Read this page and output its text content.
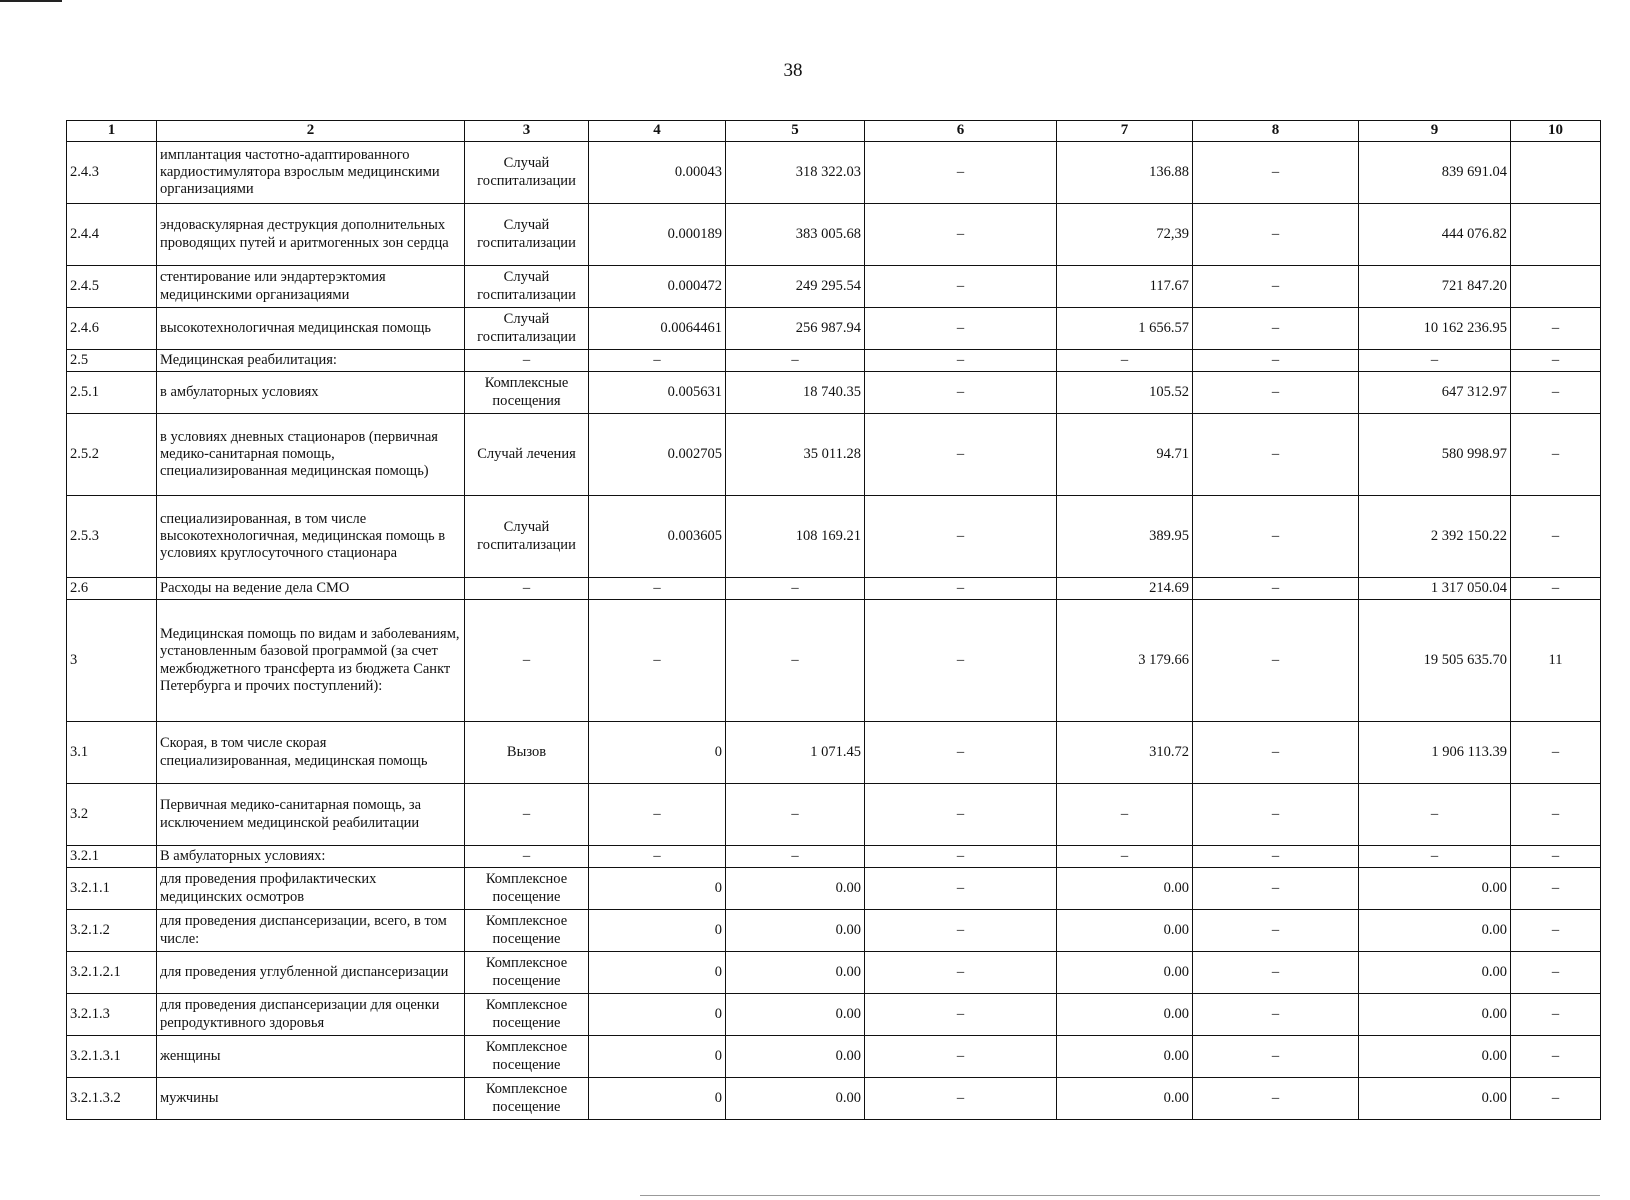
38
1	2	3	4	5	6	7	8	9	10
2.4.3	имплантация частотно-адаптированного кардиостимулятора взрослым медицинскими организациями	Случай госпитализации	0.00043	318 322.03	–	136.88	–	839 691.04	
2.4.4	эндоваскулярная деструкция дополнительных проводящих путей и аритмогенных зон сердца	Случай госпитализации	0.000189	383 005.68	–	72,39	–	444 076.82	
2.4.5	стентирование или эндартерэктомия медицинскими организациями	Случай госпитализации	0.000472	249 295.54	–	117.67	–	721 847.20	
2.4.6	высокотехнологичная медицинская помощь	Случай госпитализации	0.0064461	256 987.94	–	1 656.57	–	10 162 236.95	–
2.5	Медицинская реабилитация:	–	–	–	–	–	–	–	–
2.5.1	в амбулаторных условиях	Комплексные посещения	0.005631	18 740.35	–	105.52	–	647 312.97	–
2.5.2	в условиях дневных стационаров (первичная медико-санитарная помощь, специализированная медицинская помощь)	Случай лечения	0.002705	35 011.28	–	94.71	–	580 998.97	–
2.5.3	специализированная, в том числе высокотехнологичная, медицинская помощь в условиях круглосуточного стационара	Случай госпитализации	0.003605	108 169.21	–	389.95	–	2 392 150.22	–
2.6	Расходы на ведение дела СМО	–	–	–	–	214.69	–	1 317 050.04	–
3	Медицинская помощь по видам и заболеваниям, установленным базовой программой (за счет межбюджетного трансферта из бюджета Санкт Петербурга и прочих поступлений):	–	–	–	–	3 179.66	–	19 505 635.70	11
3.1	Скорая, в том числе скорая специализированная, медицинская помощь	Вызов	0	1 071.45	–	310.72	–	1 906 113.39	–
3.2	Первичная медико-санитарная помощь, за исключением медицинской реабилитации	–	–	–	–	–	–	–	–
3.2.1	В амбулаторных условиях:	–	–	–	–	–	–	–	–
3.2.1.1	для проведения профилактических медицинских осмотров	Комплексное посещение	0	0.00	–	0.00	–	0.00	–
3.2.1.2	для проведения диспансеризации, всего, в том числе:	Комплексное посещение	0	0.00	–	0.00	–	0.00	–
3.2.1.2.1	для проведения углубленной диспансеризации	Комплексное посещение	0	0.00	–	0.00	–	0.00	–
3.2.1.3	для проведения диспансеризации для оценки репродуктивного здоровья	Комплексное посещение	0	0.00	–	0.00	–	0.00	–
3.2.1.3.1	женщины	Комплексное посещение	0	0.00	–	0.00	–	0.00	–
3.2.1.3.2	мужчины	Комплексное посещение	0	0.00	–	0.00	–	0.00	–
